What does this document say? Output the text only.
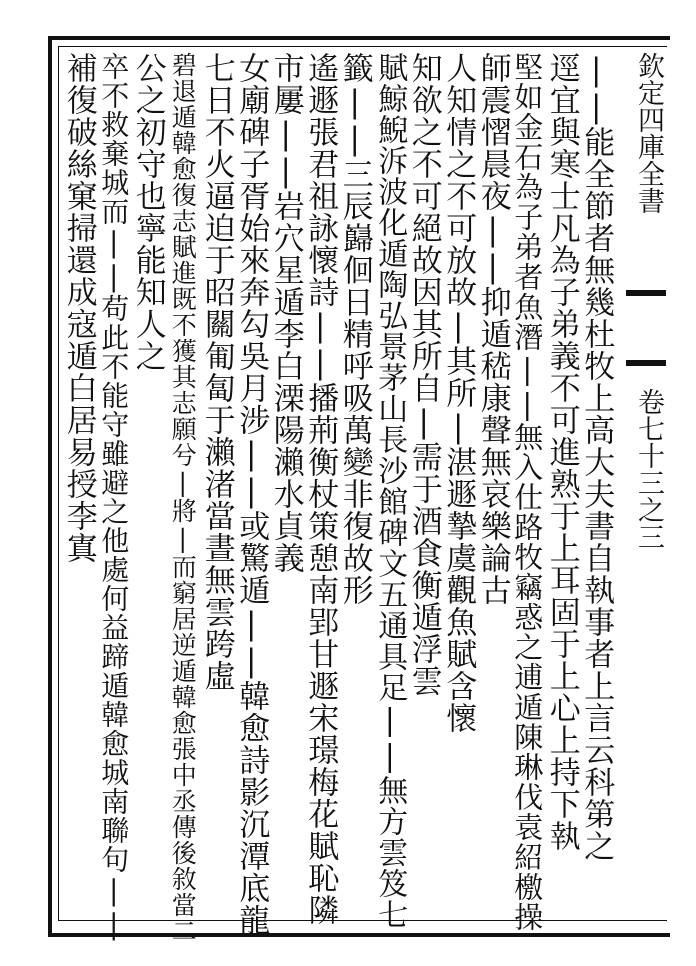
欽定四庫全書
卷七十三之三
||能全節者無幾杜牧上高大夫書自執事者上言云科第之
逕宜與寒士凡為子弟義不可進熟于上耳固于上心上持下執
堅如金石為子弟者魚潛||無入仕路牧竊惑之逋遁陳琳伐袁紹檄操
師震慴晨夜||抑遁嵇康聲無哀樂論古
人知情之不可放故|其所|湛遯摯虞觀魚賦含懷
知欲之不可絕故因其所自|需于酒食衡遁浮雲
賦鯨鯢泝波化遁陶弘景茅山長沙館碑文五通具足||無方雲笈七
籤||三辰巋佪日精呼吸萬變非復故形
遙遯張君祖詠懷詩||播荊衡杖策憩南郢甘遯宋璟梅花賦恥隣
市屢||岩穴星遁李白溧陽瀨水貞義
女廟碑子胥始來奔勾吳月涉||或驚遁||韓愈詩影沉潭底龍
七日不火逼迫于昭關匍匐于瀨渚當晝無雲跨虛
碧退遁韓愈復志賦進既不獲其志願兮|將|而窮居逆遁韓愈張中丞傳後敘當二
公之初守也寧能知人之
卒不救棄城而||苟此不能守雖避之他處何益蹄遁韓愈城南聯句||
補復破絲窠掃還成寇遁白居易授李寘
